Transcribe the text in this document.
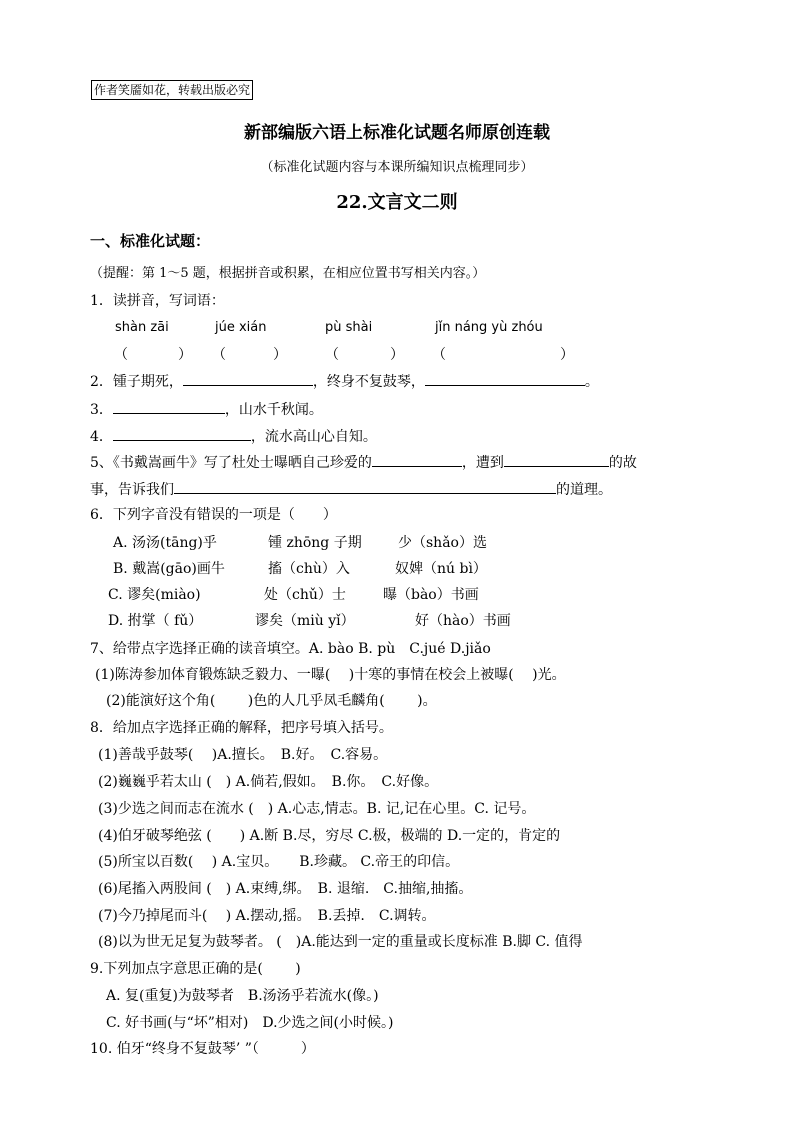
作者笑靥如花，转载出版必究
新部编版六语上标准化试题名师原创连载
（标准化试题内容与本课所编知识点梳理同步）
22.文言文二则
一、标准化试题：
（提醒：第 1～5 题，根据拼音或积累，在相应位置书写相关内容。）
1．读拼音，写词语：
shàn zāi	júe xián	pù shài	jǐn náng yù zhóu
（	） （	）	（	） （	）
2．锺子期死，	，终身不复鼓琴，	。
3．	，山水千秋闻。
4．	，流水高山心自知。
5、《书戴嵩画牛》写了杜处士曝晒自己珍爱的	，遭到	的故
事，告诉我们	的道理。
6．下列字音没有错误的一项是（　　）
A. 汤汤(tāng)乎	锺 zhōng 子期	少（shǎo）选
B. 戴嵩(gāo)画牛	搐（chù）入	奴婢（nú bì）
C. 谬矣(miào)	处（chǔ）士	曝（bào）书画
D. 拊掌（ fǔ）	谬矣（miù yǐ）	好（hào）书画
7、给带点字选择正确的读音填空。A. bào B. pù　C.jué D.jiǎo
(1)陈涛参加体育锻炼缺乏毅力、一曝(　 )十寒的事情在校会上被曝(　 )光。
(2)能演好这个角(　　 )色的人几乎凤毛麟角(　　 )。
8．给加点字选择正确的解释，把序号填入括号。
(1)善哉乎鼓琴(　 )A.擅长。　B.好。　C.容易。
(2)巍巍乎若太山 (　) A.倘若,假如。　B.你。　C.好像。
(3)少选之间而志在流水 (　) A.心志,情志。B. 记,记在心里。C. 记号。
(4)伯牙破琴绝弦 (　　) A.断 B.尽，穷尽 C.极，极端的 D.一定的，肯定的
(5)所宝以百数(　 ) A.宝贝。　　B.珍藏。 C.帝王的印信。
(6)尾搐入两股间 (　) A.束缚,绑。　B. 退缩.　C.抽缩,抽搐。
(7)今乃掉尾而斗(　 ) A.摆动,摇。　B.丢掉.　C.调转。
(8)以为世无足复为鼓琴者。 (　)A.能达到一定的重量或长度标准 B.脚 C. 值得
9.下列加点字意思正确的是(　　 )
A. 复(重复)为鼓琴者　B.汤汤乎若流水(像。)
C. 好书画(与“坏”相对)　D.少选之间(小时候。)
10. 伯牙“终身不复鼓琴’ ”（　　　）
